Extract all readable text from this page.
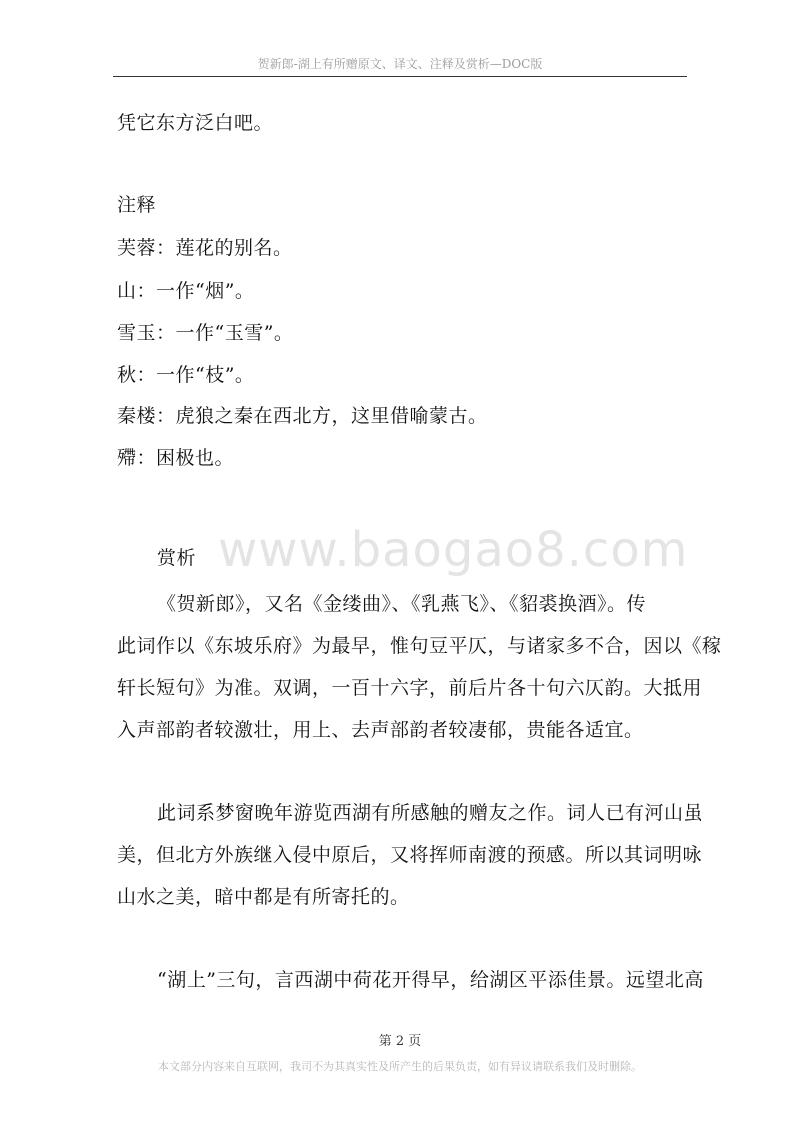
贺新郎-湖上有所赠原文、译文、注释及赏析—DOC版
www.baogao8.com
凭它东方泛白吧。
注释
芙蓉：莲花的别名。
山：一作“烟”。
雪玉：一作“玉雪”。
秋：一作“枝”。
秦楼：虎狼之秦在西北方，这里借喻蒙古。
殢：困极也。
赏析
《贺新郎》，又名《金缕曲》、《乳燕飞》、《貂裘换酒》。传
此词作以《东坡乐府》为最早，惟句豆平仄，与诸家多不合，因以《稼
轩长短句》为准。双调，一百十六字，前后片各十句六仄韵。大抵用
入声部韵者较激壮，用上、去声部韵者较凄郁，贵能各适宜。
此词系梦窗晚年游览西湖有所感触的赠友之作。词人已有河山虽
美，但北方外族继入侵中原后，又将挥师南渡的预感。所以其词明咏
山水之美，暗中都是有所寄托的。
“湖上”三句，言西湖中荷花开得早，给湖区平添佳景。远望北高
第 2 页
本文部分内容来自互联网，我司不为其真实性及所产生的后果负责，如有异议请联系我们及时删除。
